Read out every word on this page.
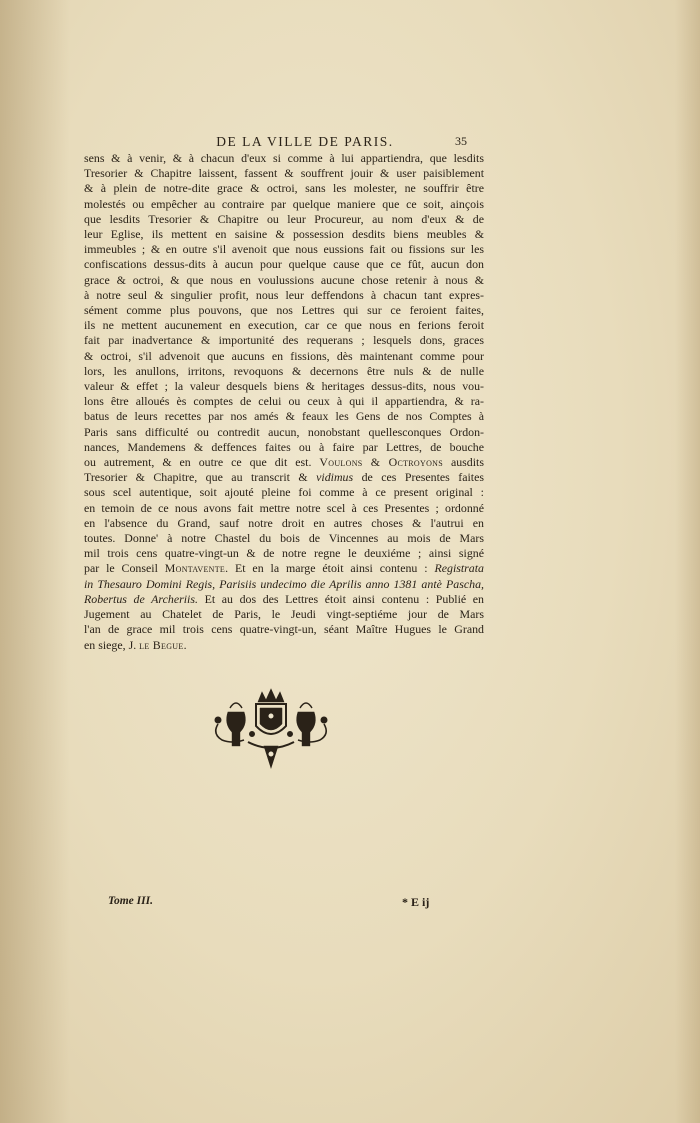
DE LA VILLE DE PARIS.	35
sens & à venir, & à chacun d'eux si comme à lui appartiendra, que lesdits
Tresorier & Chapitre laissent, fassent & souffrent jouir & user paisiblement
& à plein de notre-dite grace & octroi, sans les molester, ne souffrir être
molestés ou empêcher au contraire par quelque maniere que ce soit, ainçois
que lesdits Tresorier & Chapitre ou leur Procureur, au nom d'eux & de
leur Eglise, ils mettent en saisine & possession desdits biens meubles &
immeubles ; & en outre s'il avenoit que nous eussions fait ou fissions sur les
confiscations dessus-dits à aucun pour quelque cause que ce fût, aucun don
grace & octroi, & que nous en voulussions aucune chose retenir à nous &
à notre seul & singulier profit, nous leur deffendons à chacun tant expres-
sément comme plus pouvons, que nos Lettres qui sur ce feroient faites,
ils ne mettent aucunement en execution, car ce que nous en ferions feroit
fait par inadvertance & importunité des requerans ; lesquels dons, graces
& octroi, s'il advenoit que aucuns en fissions, dès maintenant comme pour
lors, les anullons, irritons, revoquons & decernons être nuls & de nulle
valeur & effet ; la valeur desquels biens & heritages dessus-dits, nous vou-
lons être alloués ès comptes de celui ou ceux à qui il appartiendra, & ra-
batus de leurs recettes par nos amés & feaux les Gens de nos Comptes à
Paris sans difficulté ou contredit aucun, nonobstant quellesconques Ordon-
nances, Mandemens & deffences faites ou à faire par Lettres, de bouche
ou autrement, & en outre ce que dit est. Voulons & Octroyons ausdits
Tresorier & Chapitre, que au transcrit & vidimus de ces Presentes faites
sous scel autentique, soit ajouté pleine foi comme à ce present original :
en temoin de ce nous avons fait mettre notre scel à ces Presentes ; ordonné
en l'absence du Grand, sauf notre droit en autres choses & l'autrui en
toutes. Donne' à notre Chastel du bois de Vincennes au mois de Mars
mil trois cens quatre-vingt-un & de notre regne le deuxiéme ; ainsi signé
par le Conseil Montavente. Et en la marge étoit ainsi contenu : Registrata
in Thesauro Domini Regis, Parisiis undecimo die Aprilis anno 1381 antè Pascha,
Robertus de Archeriis. Et au dos des Lettres étoit ainsi contenu : Publié en
Jugement au Chatelet de Paris, le Jeudi vingt-septiéme jour de Mars
l'an de grace mil trois cens quatre-vingt-un, séant Maître Hugues le Grand
en siege, J. le Begue.
Tome III.	* E ij
